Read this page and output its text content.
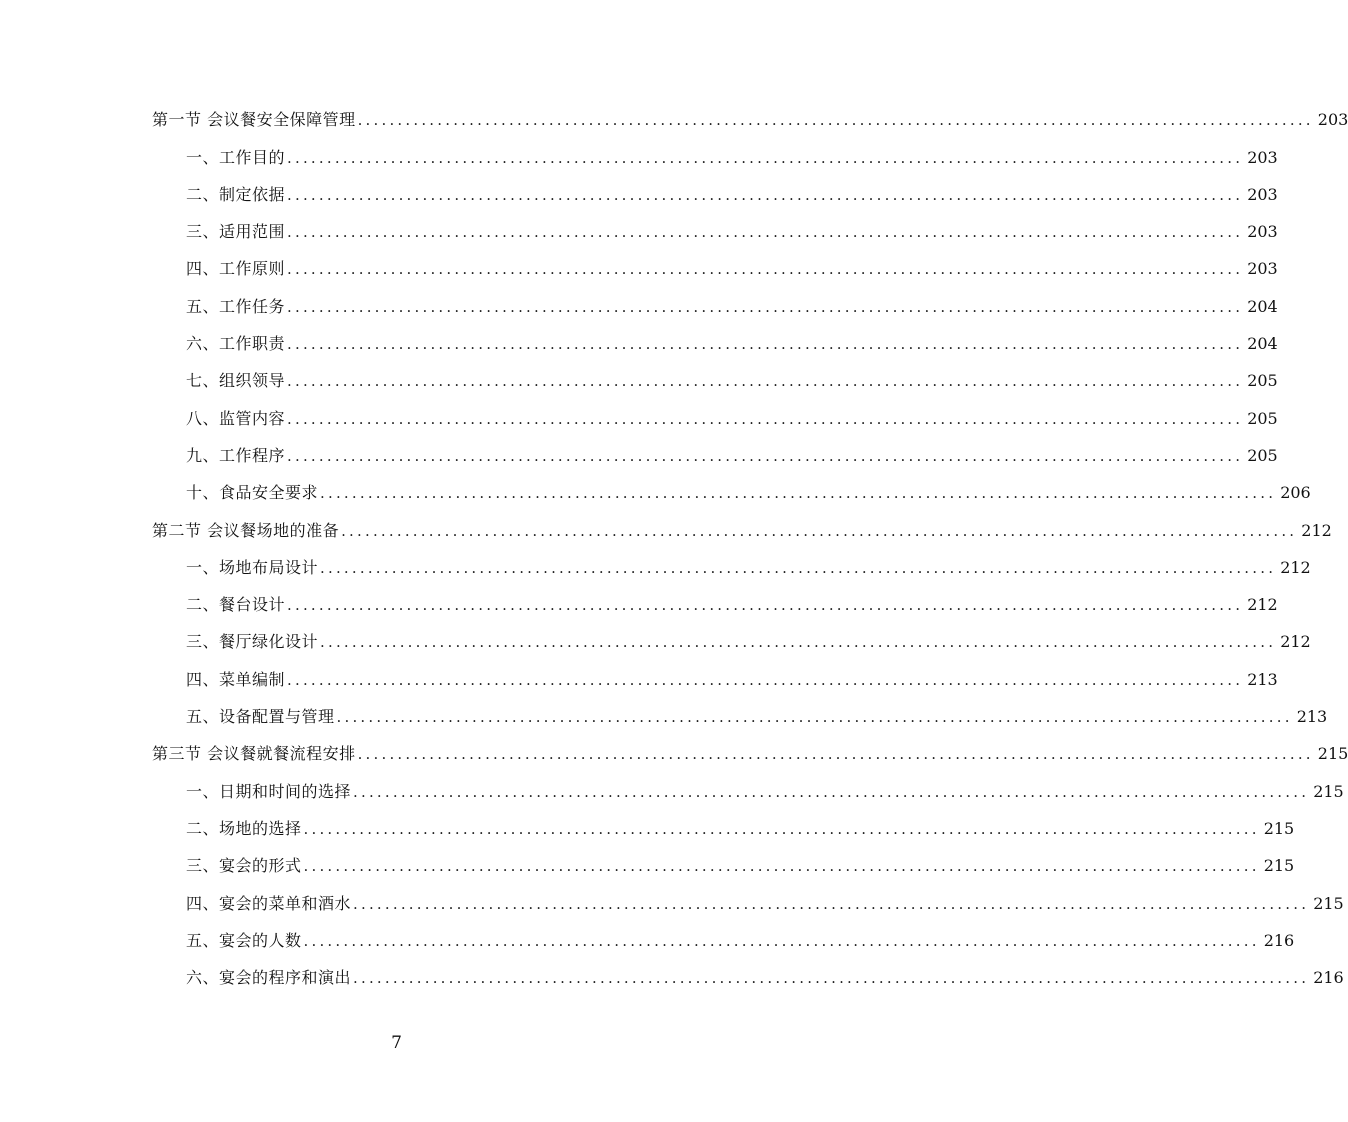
第一节 会议餐安全保障管理 ........................................................................................................................ 203
一、工作目的 ........................................................................................................................ 203
二、制定依据 ........................................................................................................................ 203
三、适用范围 ........................................................................................................................ 203
四、工作原则 ........................................................................................................................ 203
五、工作任务 ........................................................................................................................ 204
六、工作职责 ........................................................................................................................ 204
七、组织领导 ........................................................................................................................ 205
八、监管内容 ........................................................................................................................ 205
九、工作程序 ........................................................................................................................ 205
十、食品安全要求 ........................................................................................................................ 206
第二节 会议餐场地的准备 ........................................................................................................................ 212
一、场地布局设计 ........................................................................................................................ 212
二、餐台设计 ........................................................................................................................ 212
三、餐厅绿化设计 ........................................................................................................................ 212
四、菜单编制 ........................................................................................................................ 213
五、设备配置与管理 ........................................................................................................................ 213
第三节 会议餐就餐流程安排 ........................................................................................................................ 215
一、日期和时间的选择 ........................................................................................................................ 215
二、场地的选择 ........................................................................................................................ 215
三、宴会的形式 ........................................................................................................................ 215
四、宴会的菜单和酒水 ........................................................................................................................ 215
五、宴会的人数 ........................................................................................................................ 216
六、宴会的程序和演出 ........................................................................................................................ 216
7
